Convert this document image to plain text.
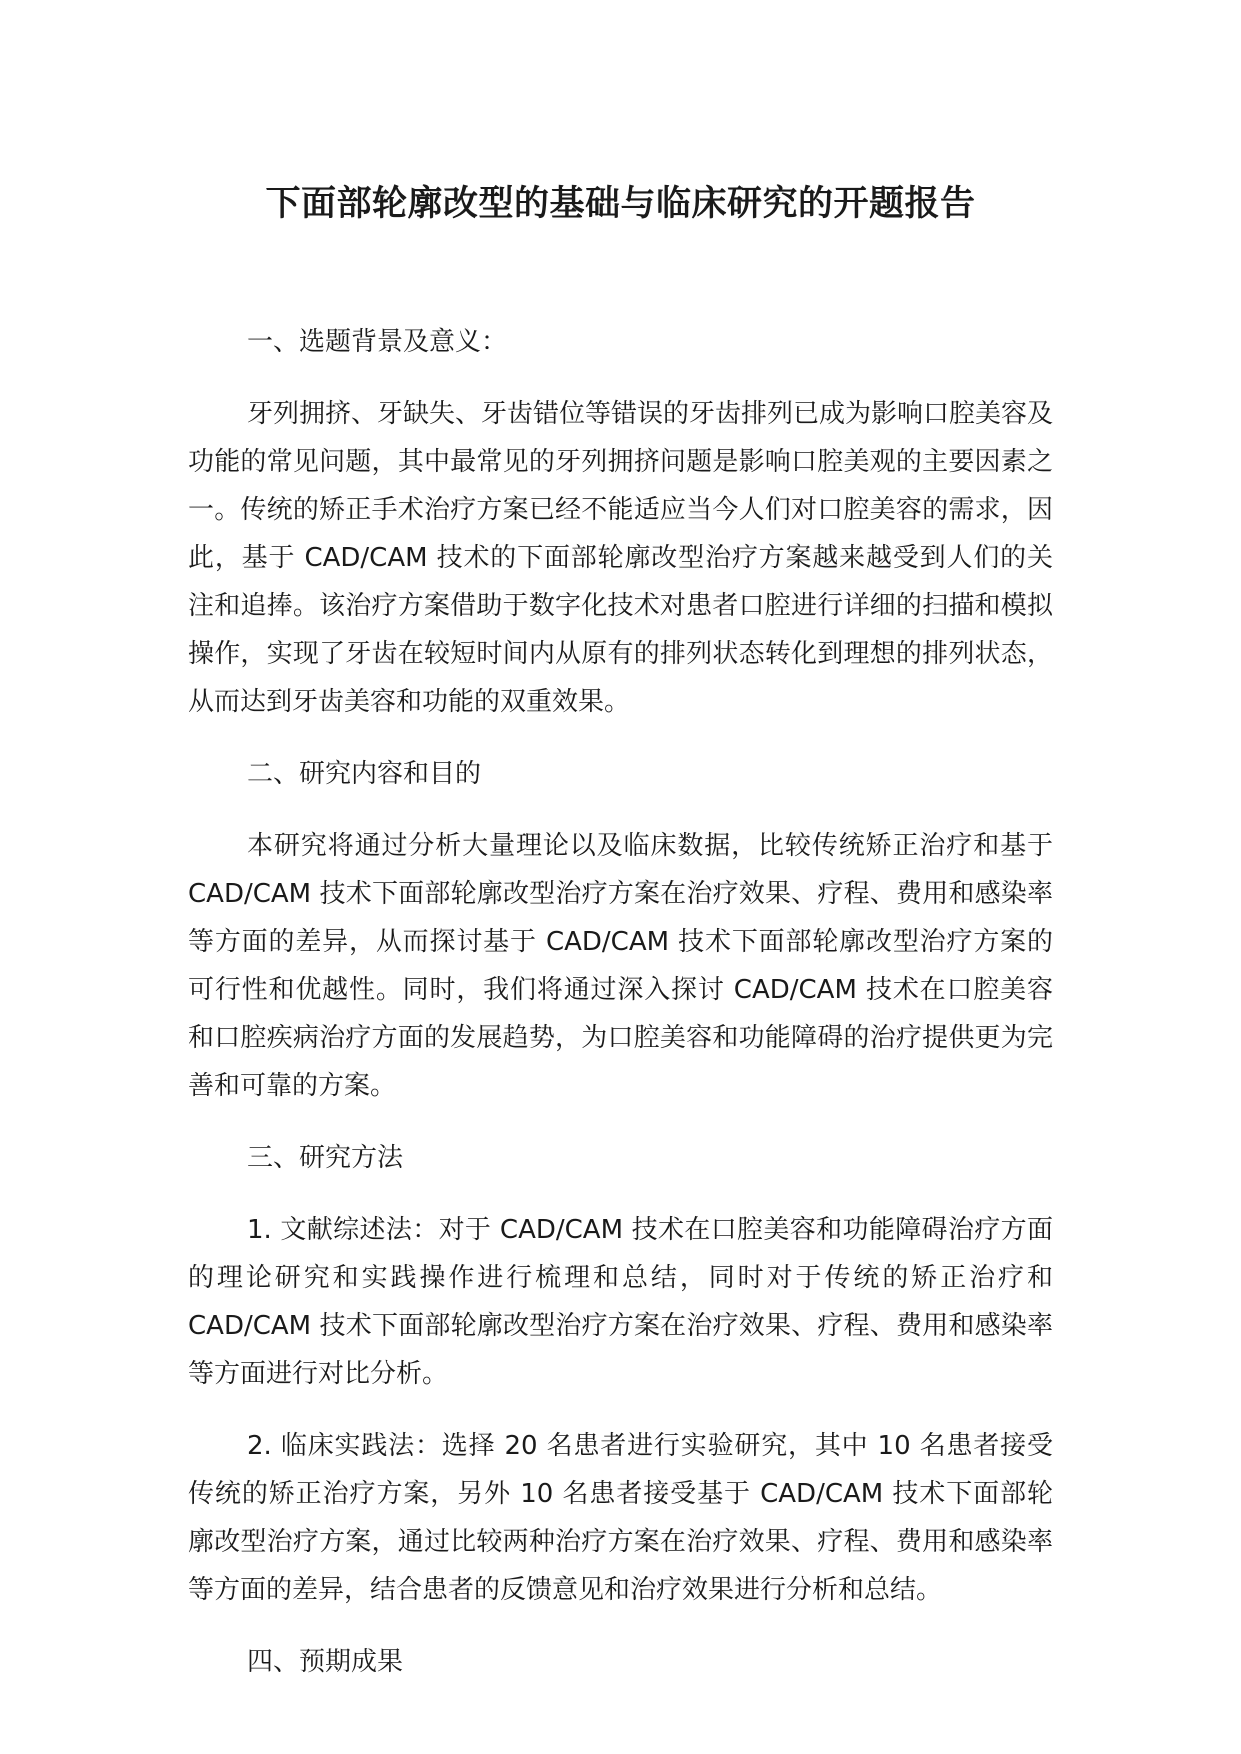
下面部轮廓改型的基础与临床研究的开题报告

一、选题背景及意义：

牙列拥挤、牙缺失、牙齿错位等错误的牙齿排列已成为影响口腔美容及功能的常见问题，其中最常见的牙列拥挤问题是影响口腔美观的主要因素之一。传统的矫正手术治疗方案已经不能适应当今人们对口腔美容的需求，因此，基于 CAD/CAM 技术的下面部轮廓改型治疗方案越来越受到人们的关注和追捧。该治疗方案借助于数字化技术对患者口腔进行详细的扫描和模拟操作，实现了牙齿在较短时间内从原有的排列状态转化到理想的排列状态，从而达到牙齿美容和功能的双重效果。

二、研究内容和目的

本研究将通过分析大量理论以及临床数据，比较传统矫正治疗和基于 CAD/CAM 技术下面部轮廓改型治疗方案在治疗效果、疗程、费用和感染率等方面的差异，从而探讨基于 CAD/CAM 技术下面部轮廓改型治疗方案的可行性和优越性。同时，我们将通过深入探讨 CAD/CAM 技术在口腔美容和口腔疾病治疗方面的发展趋势，为口腔美容和功能障碍的治疗提供更为完善和可靠的方案。

三、研究方法

1. 文献综述法：对于 CAD/CAM 技术在口腔美容和功能障碍治疗方面的理论研究和实践操作进行梳理和总结，同时对于传统的矫正治疗和 CAD/CAM 技术下面部轮廓改型治疗方案在治疗效果、疗程、费用和感染率等方面进行对比分析。

2. 临床实践法：选择 20 名患者进行实验研究，其中 10 名患者接受传统的矫正治疗方案，另外 10 名患者接受基于 CAD/CAM 技术下面部轮廓改型治疗方案，通过比较两种治疗方案在治疗效果、疗程、费用和感染率等方面的差异，结合患者的反馈意见和治疗效果进行分析和总结。

四、预期成果
